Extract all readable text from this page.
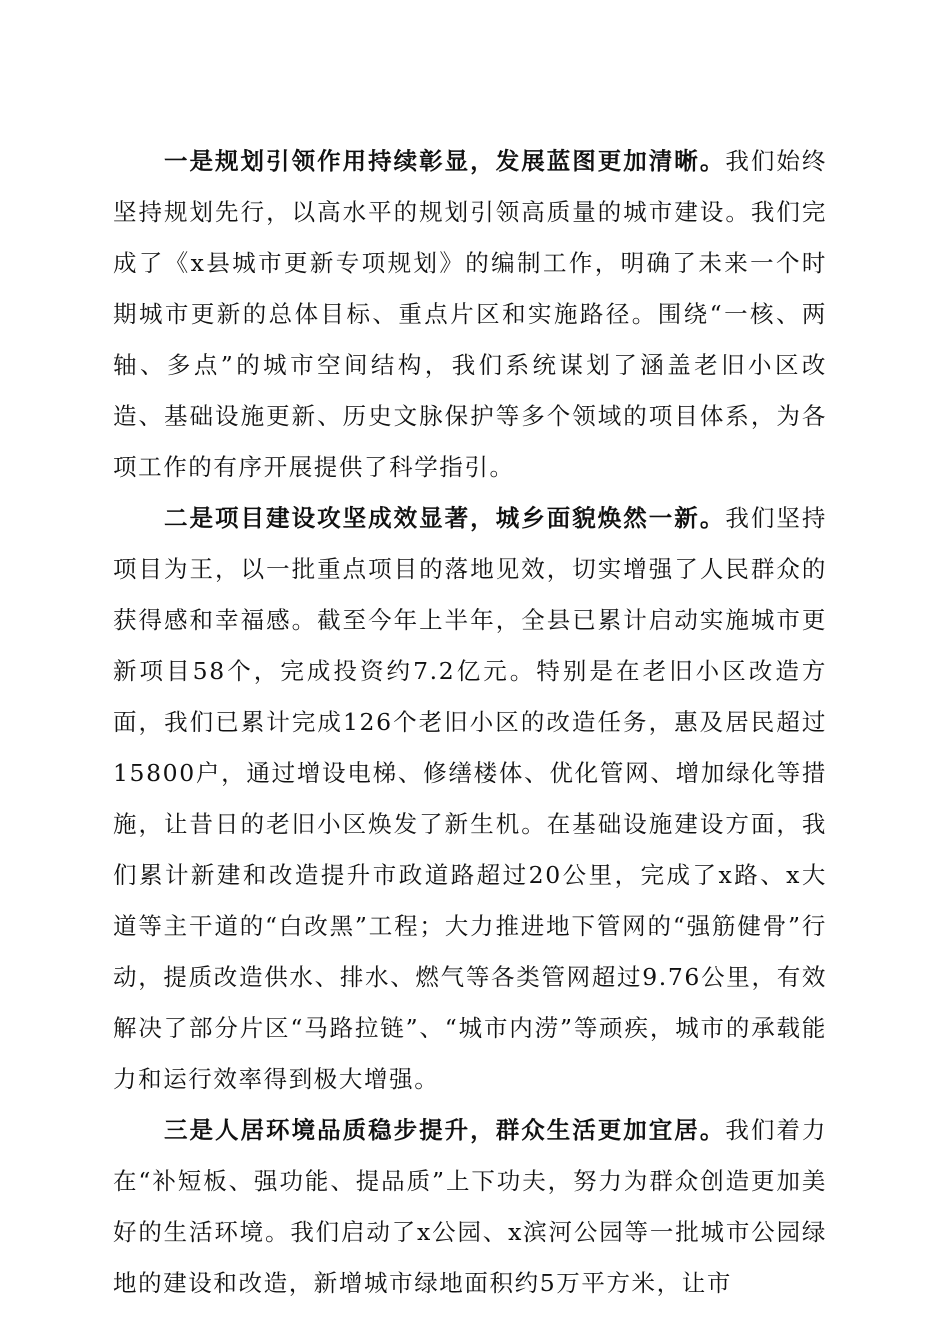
一是规划引领作用持续彰显，发展蓝图更加清晰。我们始终坚持规划先行，以高水平的规划引领高质量的城市建设。我们完成了《x县城市更新专项规划》的编制工作，明确了未来一个时期城市更新的总体目标、重点片区和实施路径。围绕“一核、两轴、多点”的城市空间结构，我们系统谋划了涵盖老旧小区改造、基础设施更新、历史文脉保护等多个领域的项目体系，为各项工作的有序开展提供了科学指引。

二是项目建设攻坚成效显著，城乡面貌焕然一新。我们坚持项目为王，以一批重点项目的落地见效，切实增强了人民群众的获得感和幸福感。截至今年上半年，全县已累计启动实施城市更新项目58个，完成投资约7.2亿元。特别是在老旧小区改造方面，我们已累计完成126个老旧小区的改造任务，惠及居民超过15800户，通过增设电梯、修缮楼体、优化管网、增加绿化等措施，让昔日的老旧小区焕发了新生机。在基础设施建设方面，我们累计新建和改造提升市政道路超过20公里，完成了x路、x大道等主干道的“白改黑”工程；大力推进地下管网的“强筋健骨”行动，提质改造供水、排水、燃气等各类管网超过9.76公里，有效解决了部分片区“马路拉链”、“城市内涝”等顽疾，城市的承载能力和运行效率得到极大增强。

三是人居环境品质稳步提升，群众生活更加宜居。我们着力在“补短板、强功能、提品质”上下功夫，努力为群众创造更加美好的生活环境。我们启动了x公园、x滨河公园等一批城市公园绿地的建设和改造，新增城市绿地面积约5万平方米，让市
